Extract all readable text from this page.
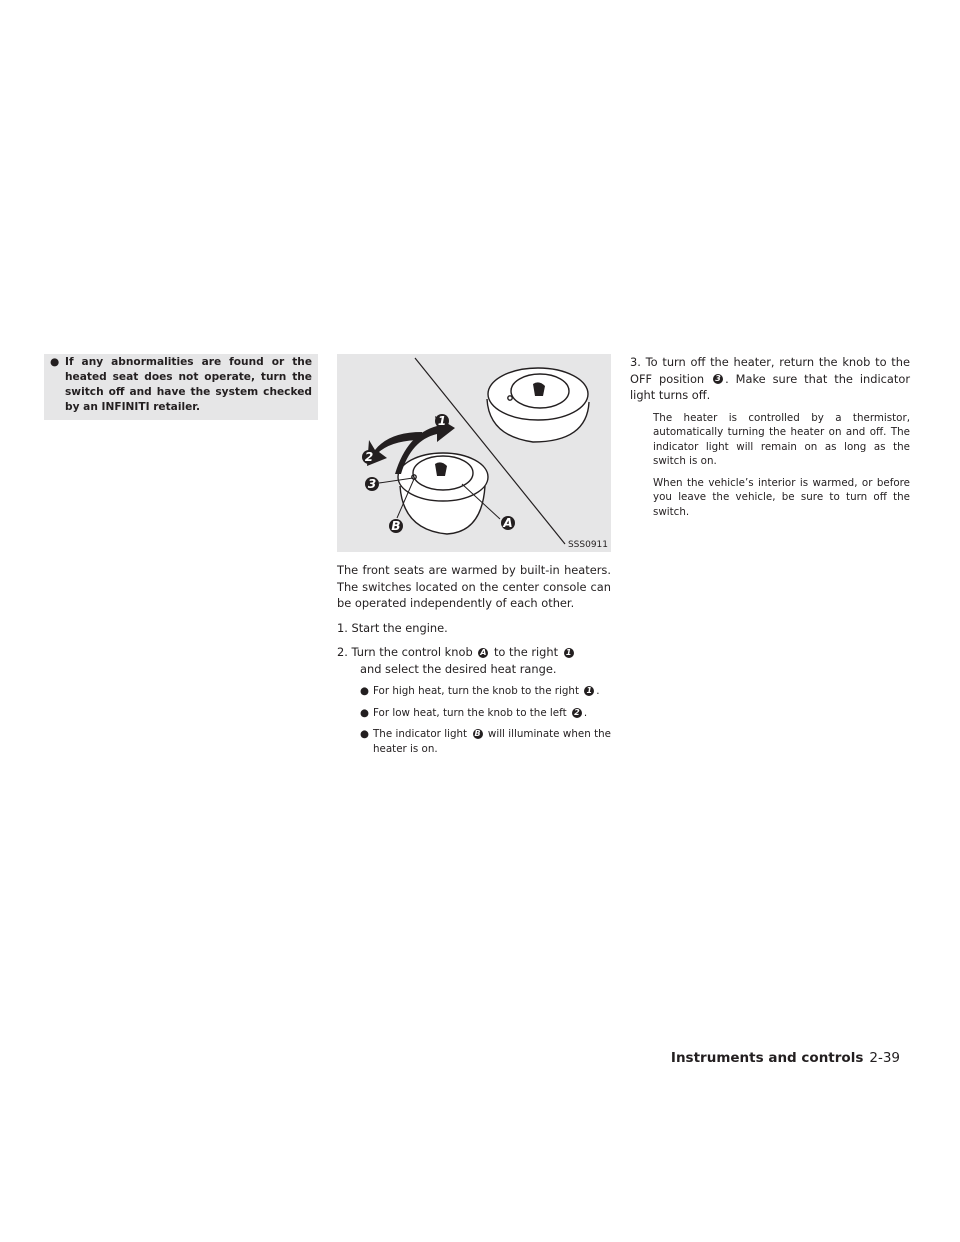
● If any abnormalities are found or the heated seat does not operate, turn the switch off and have the system checked by an INFINITI retailer.
1
2
3
B	A
SSS0911

The front seats are warmed by built-in heaters. The switches located on the center console can be operated independently of each other.

1. Start the engine.
2. Turn the control knob A to the right 1
and select the desired heat range.
● For high heat, turn the knob to the right 1 .
● For low heat, turn the knob to the left 2 .
● The indicator light B will illuminate when the heater is on.
3. To turn off the heater, return the knob to the OFF position 3 . Make sure that the indicator light turns off.

The heater is controlled by a thermistor, automatically turning the heater on and off. The indicator light will remain on as long as the switch is on.

When the vehicle’s interior is warmed, or before you leave the vehicle, be sure to turn off the switch.

Instruments and controls 2-39
